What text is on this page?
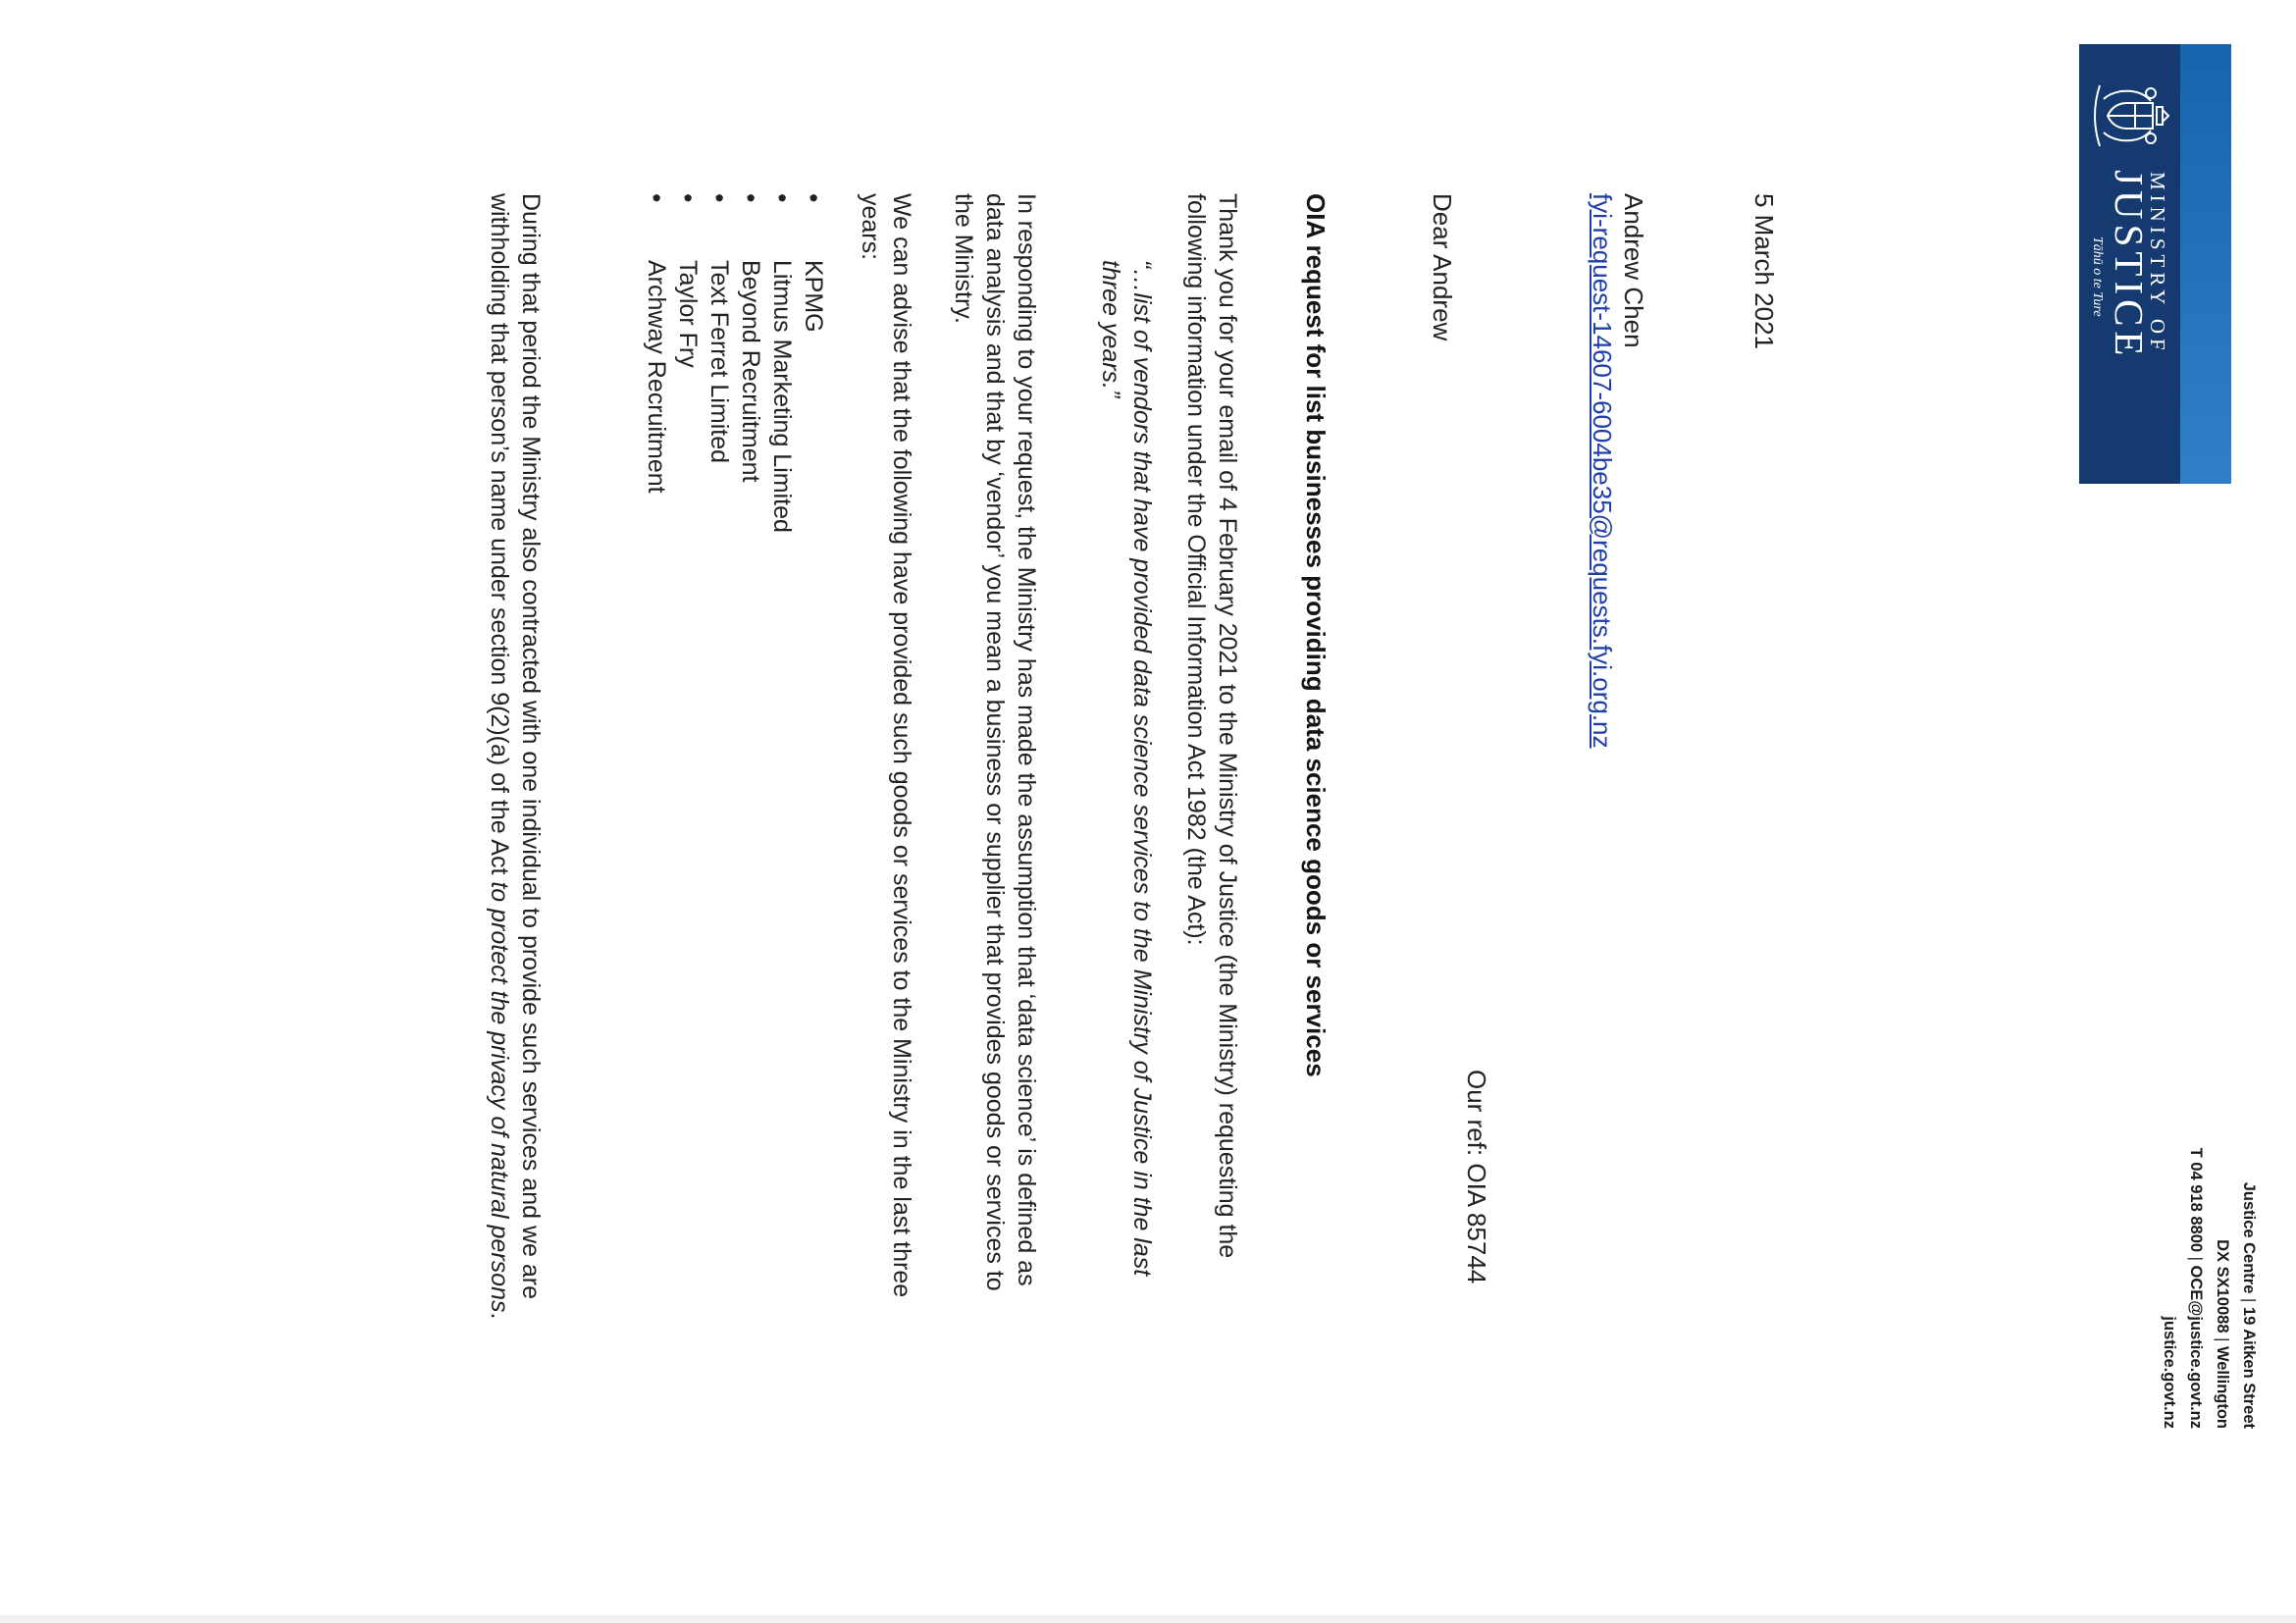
MINISTRY OF
JUSTICE
Tāhū o te Ture
Justice Centre | 19 Aitken Street
DX SX10088 | Wellington
T 04 918 8800 | OCE@justice.govt.nz
justice.govt.nz
5 March 2021
Andrew Chen
fyi-request-14607-6004be35@requests.fyi.org.nz
Our ref: OIA 85744
Dear Andrew
OIA request for list businesses providing data science goods or services
Thank you for your email of 4 February 2021 to the Ministry of Justice (the Ministry) requesting the following information under the Official Information Act 1982 (the Act):
“…list of vendors that have provided data science services to the Ministry of Justice in the last three years.”
In responding to your request, the Ministry has made the assumption that ‘data science’ is defined as data analysis and that by ‘vendor’ you mean a business or supplier that provides goods or services to the Ministry.
We can advise that the following have provided such goods or services to the Ministry in the last three years:
• KPMG
• Litmus Marketing Limited
• Beyond Recruitment
• Text Ferret Limited
• Taylor Fry
• Archway Recruitment
During that period the Ministry also contracted with one individual to provide such services and we are withholding that person’s name under section 9(2)(a) of the Act to protect the privacy of natural persons.
